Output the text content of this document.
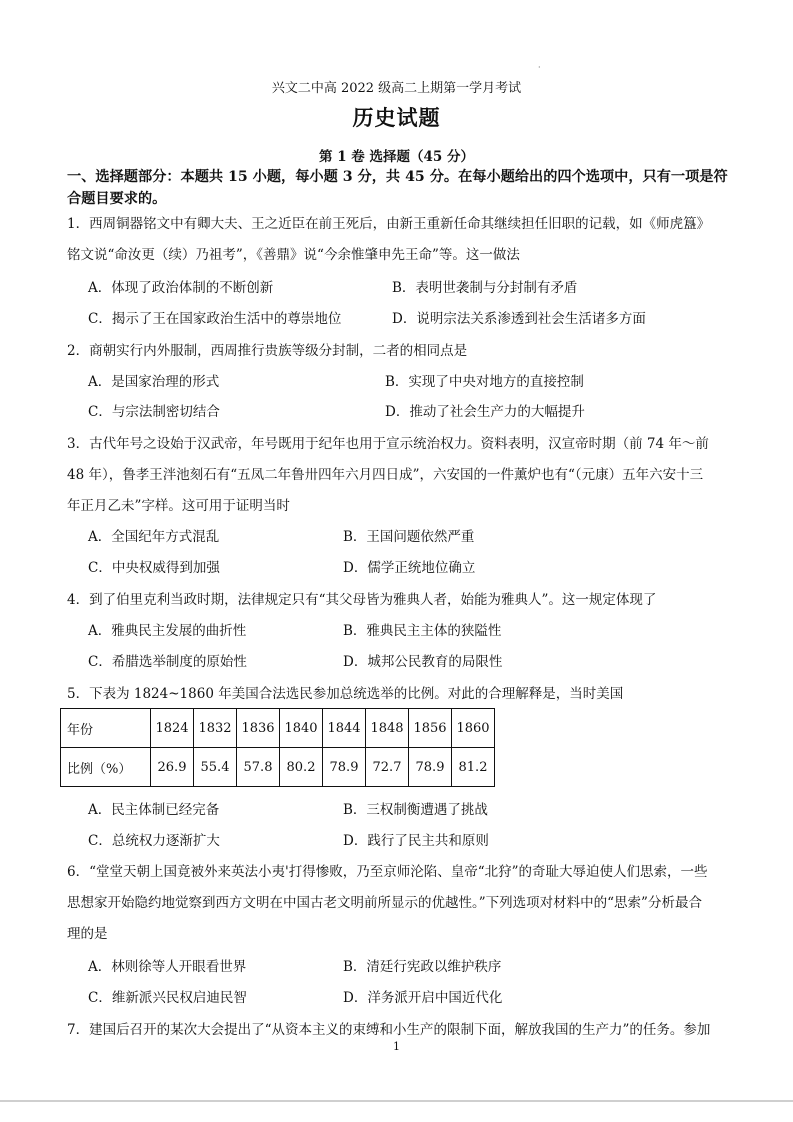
·
兴文二中高 2022 级高二上期第一学月考试
历史试题
第 1 卷 选择题（45 分）
一、选择题部分：本题共 15 小题，每小题 3 分，共 45 分。在每小题给出的四个选项中，只有一项是符合题目要求的。
1．西周铜器铭文中有卿大夫、王之近臣在前王死后，由新王重新任命其继续担任旧职的记载，如《师虎簋》
铭文说“命汝更（续）乃祖考”，《善鼎》说“今余惟肇申先王命”等。这一做法
A．体现了政治体制的不断创新	B．表明世袭制与分封制有矛盾
C．揭示了王在国家政治生活中的尊崇地位	D．说明宗法关系渗透到社会生活诸多方面
2．商朝实行内外服制，西周推行贵族等级分封制，二者的相同点是
A．是国家治理的形式	B．实现了中央对地方的直接控制
C．与宗法制密切结合	D．推动了社会生产力的大幅提升
3．古代年号之设始于汉武帝，年号既用于纪年也用于宣示统治权力。资料表明，汉宣帝时期（前 74 年～前
48 年），鲁孝王泮池刻石有“五凤二年鲁卅四年六月四日成”，六安国的一件薰炉也有“（元康）五年六安十三
年正月乙未”字样。这可用于证明当时
A．全国纪年方式混乱	B．王国问题依然严重
C．中央权威得到加强	D．儒学正统地位确立
4．到了伯里克利当政时期，法律规定只有“其父母皆为雅典人者，始能为雅典人”。这一规定体现了
A．雅典民主发展的曲折性	B．雅典民主主体的狭隘性
C．希腊选举制度的原始性	D．城邦公民教育的局限性
5．下表为 1824~1860 年美国合法选民参加总统选举的比例。对此的合理解释是，当时美国
年份	1824	1832	1836	1840	1844	1848	1856	1860
比例（%）	26.9	55.4	57.8	80.2	78.9	72.7	78.9	81.2
A．民主体制已经完备	B．三权制衡遭遇了挑战
C．总统权力逐渐扩大	D．践行了民主共和原则
6．“堂堂天朝上国竟被外来英法小夷'打得惨败，乃至京师沦陷、皇帝“北狩”的奇耻大辱迫使人们思索，一些
思想家开始隐约地觉察到西方文明在中国古老文明前所显示的优越性。”下列选项对材料中的“思索”分析最合
理的是
A．林则徐等人开眼看世界	B．清廷行宪政以维护秩序
C．维新派兴民权启迪民智	D．洋务派开启中国近代化
7．建国后召开的某次大会提出了“从资本主义的束缚和小生产的限制下面，解放我国的生产力”的任务。参加
1
